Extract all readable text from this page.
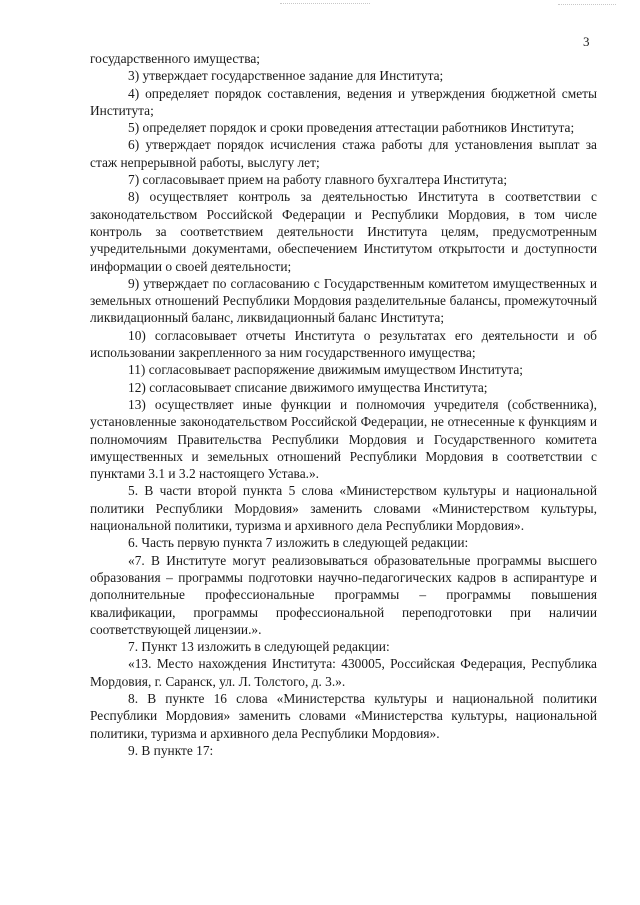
3

государственного имущества;

3) утверждает государственное задание для Института;

4) определяет порядок составления, ведения и утверждения бюджетной сметы Института;

5) определяет порядок и сроки проведения аттестации работников Института;

6) утверждает порядок исчисления стажа работы для установления выплат за стаж непрерывной работы, выслугу лет;

7) согласовывает прием на работу главного бухгалтера Института;

8) осуществляет контроль за деятельностью Института в соответствии с законодательством Российской Федерации и Республики Мордовия, в том числе контроль за соответствием деятельности Института целям, предусмотренным учредительными документами, обеспечением Институтом открытости и доступности информации о своей деятельности;

9) утверждает по согласованию с Государственным комитетом имущественных и земельных отношений Республики Мордовия разделительные балансы, промежуточный ликвидационный баланс, ликвидационный баланс Института;

10) согласовывает отчеты Института о результатах его деятельности и об использовании закрепленного за ним государственного имущества;

11) согласовывает распоряжение движимым имуществом Института;

12) согласовывает списание движимого имущества Института;

13) осуществляет иные функции и полномочия учредителя (собственника), установленные законодательством Российской Федерации, не отнесенные к функциям и полномочиям Правительства Республики Мордовия и Государственного комитета имущественных и земельных отношений Республики Мордовия в соответствии с пунктами 3.1 и 3.2 настоящего Устава.».

5. В части второй пункта 5 слова «Министерством культуры и национальной политики Республики Мордовия» заменить словами «Министерством культуры, национальной политики, туризма и архивного дела Республики Мордовия».

6. Часть первую пункта 7 изложить в следующей редакции:

«7. В Институте могут реализовываться образовательные программы высшего образования – программы подготовки научно-педагогических кадров в аспирантуре и дополнительные профессиональные программы – программы повышения квалификации, программы профессиональной переподготовки при наличии соответствующей лицензии.».

7. Пункт 13 изложить в следующей редакции:

«13. Место нахождения Института: 430005, Российская Федерация, Республика Мордовия, г. Саранск, ул. Л. Толстого, д. 3.».

8. В пункте 16 слова «Министерства культуры и национальной политики Республики Мордовия» заменить словами «Министерства культуры, национальной политики, туризма и архивного дела Республики Мордовия».

9. В пункте 17:
